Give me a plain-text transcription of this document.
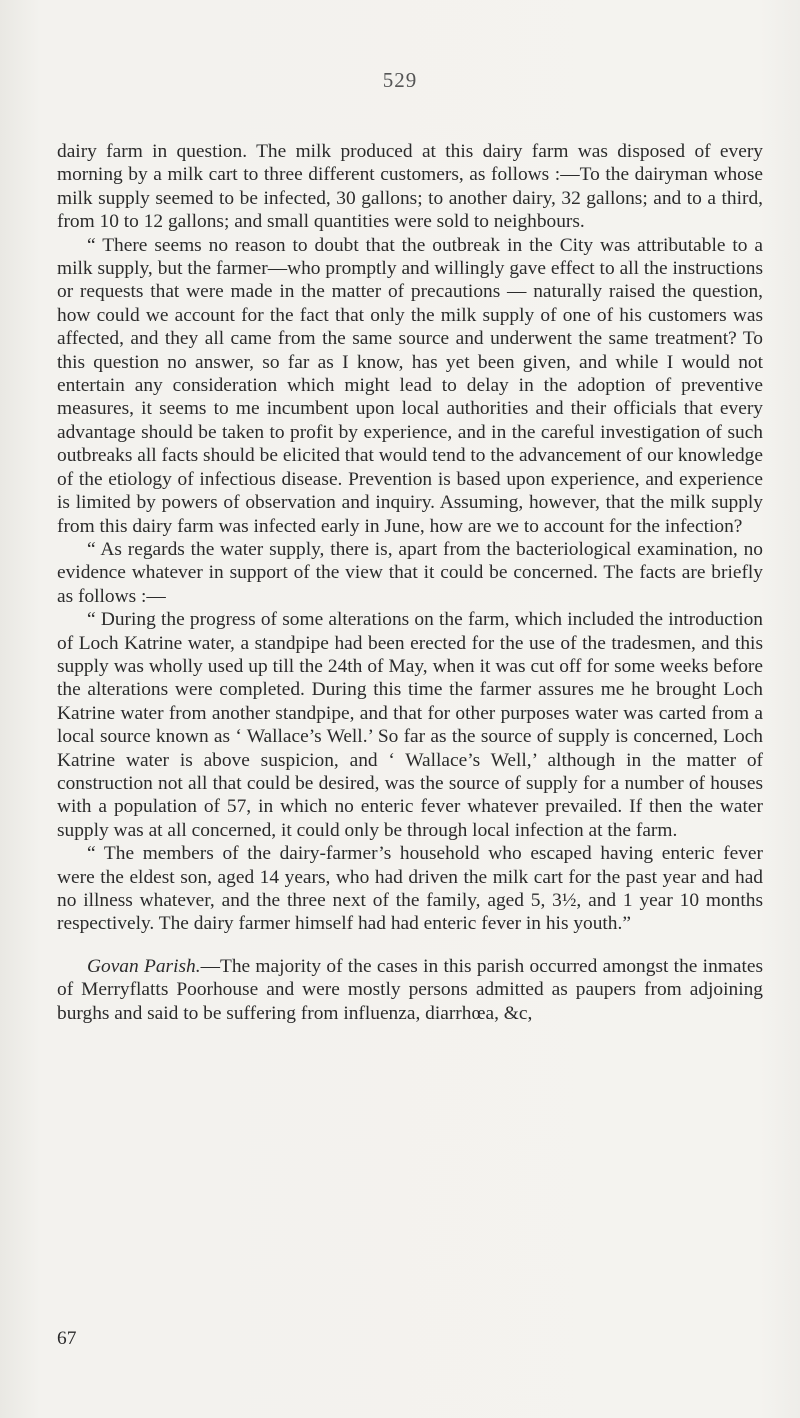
529

dairy farm in question. The milk produced at this dairy farm was disposed of every morning by a milk cart to three different customers, as follows :—To the dairyman whose milk supply seemed to be infected, 30 gallons; to another dairy, 32 gallons; and to a third, from 10 to 12 gallons; and small quantities were sold to neighbours.

“ There seems no reason to doubt that the outbreak in the City was attributable to a milk supply, but the farmer—who promptly and willingly gave effect to all the instructions or requests that were made in the matter of precautions — naturally raised the question, how could we account for the fact that only the milk supply of one of his customers was affected, and they all came from the same source and underwent the same treatment? To this question no answer, so far as I know, has yet been given, and while I would not entertain any consideration which might lead to delay in the adoption of preventive measures, it seems to me incumbent upon local authorities and their officials that every advantage should be taken to profit by experience, and in the careful investigation of such outbreaks all facts should be elicited that would tend to the advancement of our knowledge of the etiology of infectious disease. Prevention is based upon experience, and experience is limited by powers of observation and inquiry. Assuming, however, that the milk supply from this dairy farm was infected early in June, how are we to account for the infection?

“ As regards the water supply, there is, apart from the bacteriological examination, no evidence whatever in support of the view that it could be concerned. The facts are briefly as follows :—

“ During the progress of some alterations on the farm, which included the introduction of Loch Katrine water, a standpipe had been erected for the use of the tradesmen, and this supply was wholly used up till the 24th of May, when it was cut off for some weeks before the alterations were completed. During this time the farmer assures me he brought Loch Katrine water from another standpipe, and that for other purposes water was carted from a local source known as ‘ Wallace’s Well.’ So far as the source of supply is concerned, Loch Katrine water is above suspicion, and ‘ Wallace’s Well,’ although in the matter of construction not all that could be desired, was the source of supply for a number of houses with a population of 57, in which no enteric fever whatever prevailed. If then the water supply was at all concerned, it could only be through local infection at the farm.

“ The members of the dairy-farmer’s household who escaped having enteric fever were the eldest son, aged 14 years, who had driven the milk cart for the past year and had no illness whatever, and the three next of the family, aged 5, 3½, and 1 year 10 months respectively. The dairy farmer himself had had enteric fever in his youth.”

Govan Parish.—The majority of the cases in this parish occurred amongst the inmates of Merryflatts Poorhouse and were mostly persons admitted as paupers from adjoining burghs and said to be suffering from influenza, diarrhœa, &c,

67
